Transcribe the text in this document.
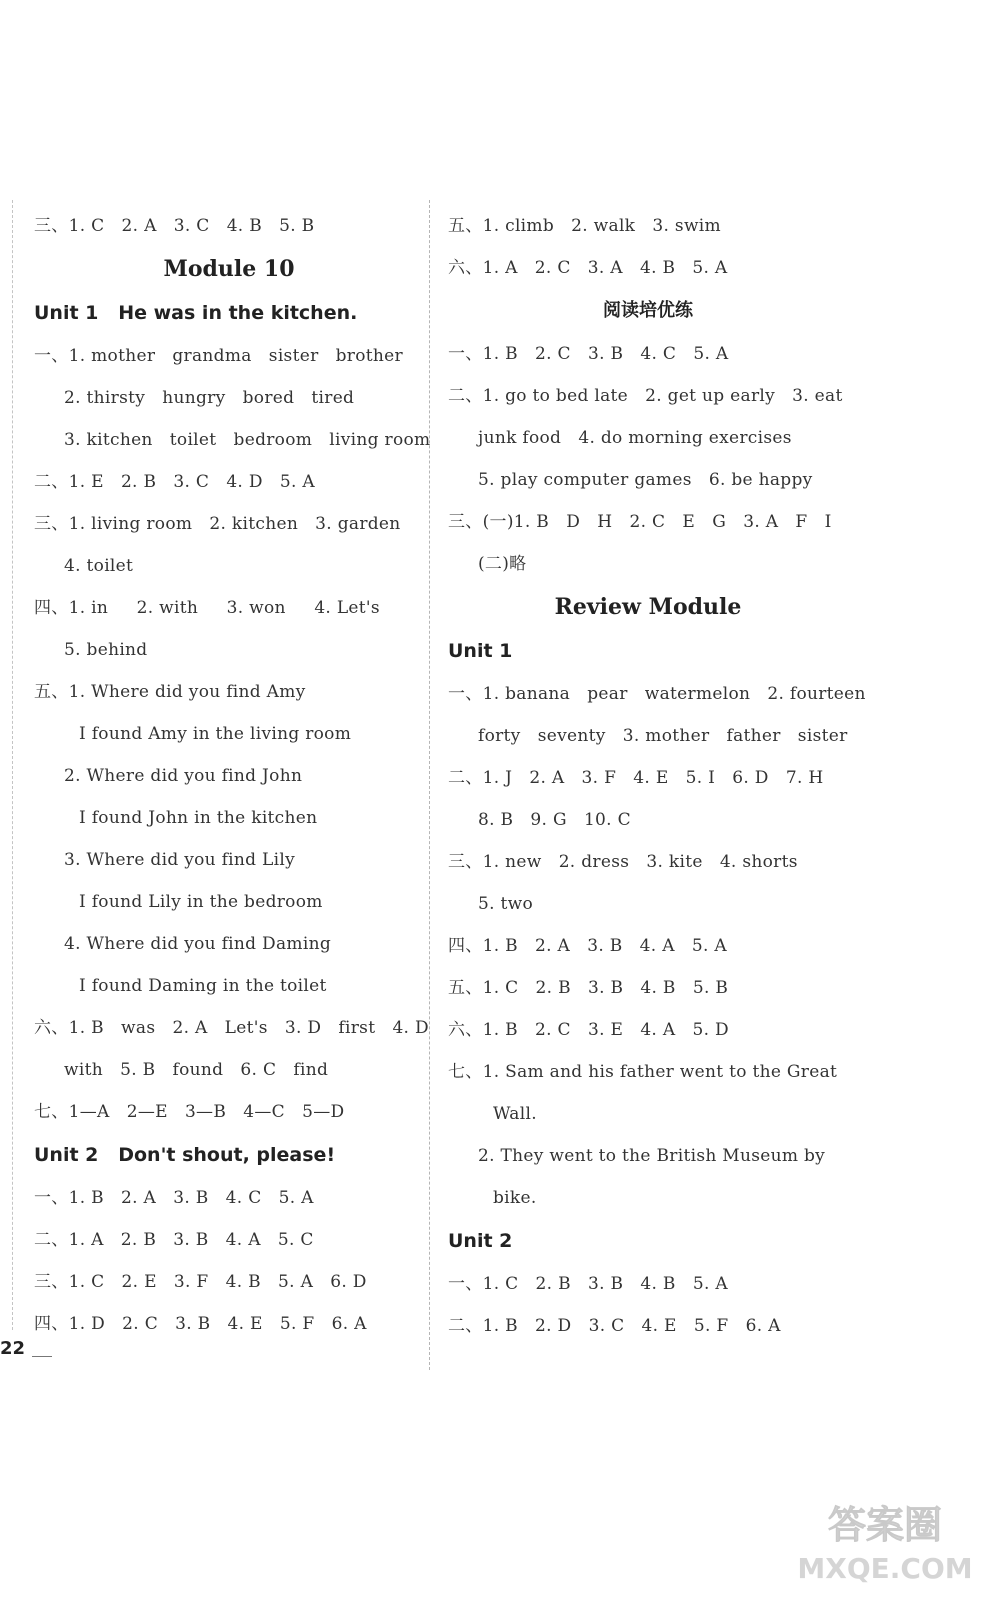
三、1. C   2. A   3. C   4. B   5. B
Module 10
Unit 1   He was in the kitchen.
一、1. mother   grandma   sister   brother
2. thirsty   hungry   bored   tired
3. kitchen   toilet   bedroom   living room
二、1. E   2. B   3. C   4. D   5. A
三、1. living room   2. kitchen   3. garden
4. toilet
四、1. in     2. with     3. won     4. Let's
5. behind
五、1. Where did you find Amy
I found Amy in the living room
2. Where did you find John
I found John in the kitchen
3. Where did you find Lily
I found Lily in the bedroom
4. Where did you find Daming
I found Daming in the toilet
六、1. B   was   2. A   Let's   3. D   first   4. D
with   5. B   found   6. C   find
七、1—A   2—E   3—B   4—C   5—D
Unit 2   Don't shout, please!
一、1. B   2. A   3. B   4. C   5. A
二、1. A   2. B   3. B   4. A   5. C
三、1. C   2. E   3. F   4. B   5. A   6. D
四、1. D   2. C   3. B   4. E   5. F   6. A
五、1. climb   2. walk   3. swim
六、1. A   2. C   3. A   4. B   5. A
阅读培优练
一、1. B   2. C   3. B   4. C   5. A
二、1. go to bed late   2. get up early   3. eat
junk food   4. do morning exercises
5. play computer games   6. be happy
三、(一)1. B   D   H   2. C   E   G   3. A   F   I
(二)略
Review Module
Unit 1
一、1. banana   pear   watermelon   2. fourteen
forty   seventy   3. mother   father   sister
二、1. J   2. A   3. F   4. E   5. I   6. D   7. H
8. B   9. G   10. C
三、1. new   2. dress   3. kite   4. shorts
5. two
四、1. B   2. A   3. B   4. A   5. A
五、1. C   2. B   3. B   4. B   5. B
六、1. B   2. C   3. E   4. A   5. D
七、1. Sam and his father went to the Great
Wall.
2. They went to the British Museum by
bike.
Unit 2
一、1. C   2. B   3. B   4. B   5. A
二、1. B   2. D   3. C   4. E   5. F   6. A
22
答案圈
MXQE.COM
